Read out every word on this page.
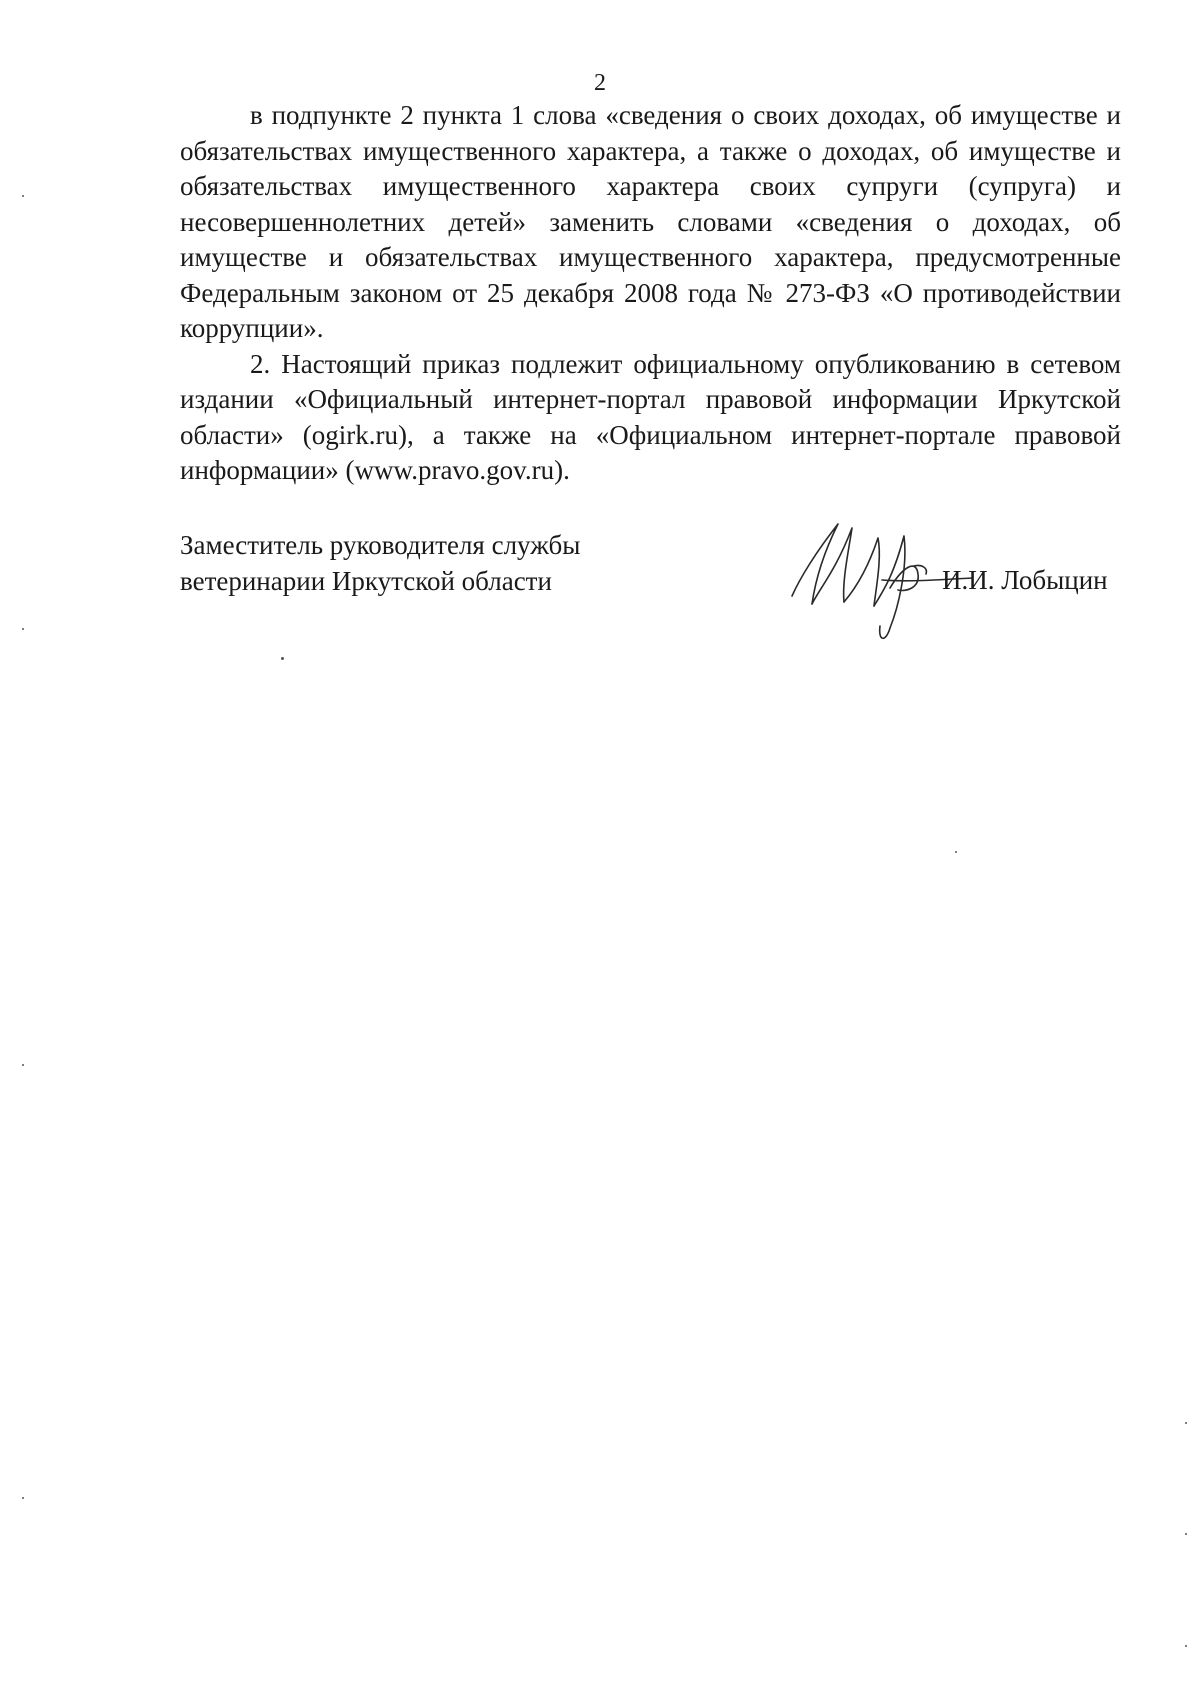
2

в подпункте 2 пункта 1 слова «сведения о своих доходах, об имуществе и обязательствах имущественного характера, а также о доходах, об имуществе и обязательствах имущественного характера своих супруги (супруга) и несовершеннолетних детей» заменить словами «сведения о доходах, об имуществе и обязательствах имущественного характера, предусмотренные Федеральным законом от 25 декабря 2008 года № 273-ФЗ «О противодействии коррупции».

2. Настоящий приказ подлежит официальному опубликованию в сетевом издании «Официальный интернет-портал правовой информации Иркутской области» (ogirk.ru), а также на «Официальном интернет-портале правовой информации» (www.pravo.gov.ru).

Заместитель руководителя службы
ветеринарии Иркутской области	И.И. Лобыцин
